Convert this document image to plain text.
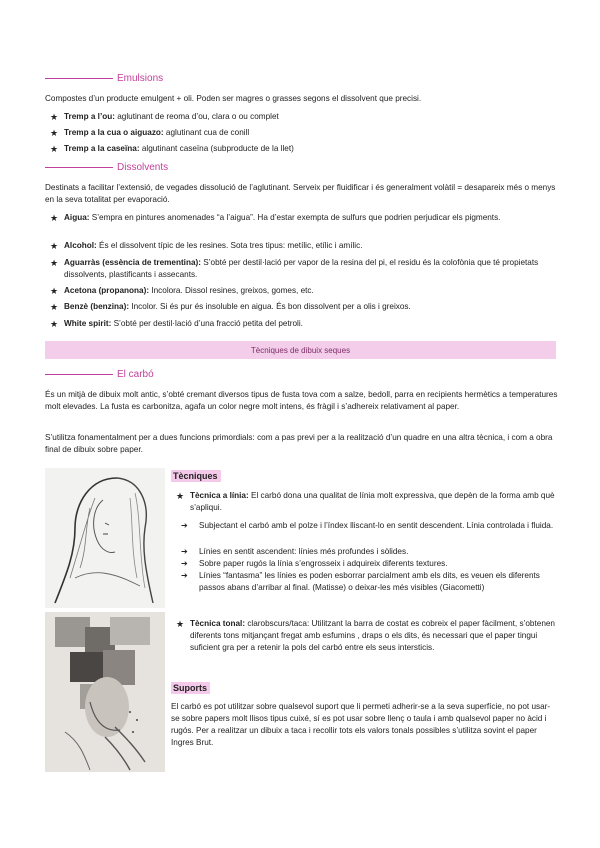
Emulsions

Compostes d’un producte emulgent + oli. Poden ser magres o grasses segons el dissolvent que precisi.

★ Tremp a l’ou: aglutinant de reoma d’ou, clara o ou complet
★ Tremp a la cua o aiguazo: aglutinant cua de conill
★ Tremp a la caseïna: algutinant caseïna (subproducte de la llet)
Dissolvents

Destinats a facilitar l’extensió, de vegades dissolució de l’aglutinant. Serveix per fluidificar i és generalment volàtil = desapareix més o menys en la seva totalitat per evaporació.

★ Aigua: S’empra en pintures anomenades “a l’aigua”. Ha d’estar exempta de sulfurs que podrien perjudicar els pigments.
★ Alcohol: És el dissolvent típic de les resines. Sota tres tipus: metílic, etílic i amílic.
★ Aguarràs (essència de trementina): S’obté per destil·lació per vapor de la resina del pi, el residu és la colofònia que té propietats dissolvents, plastificants i assecants.
★ Acetona (propanona): Incolora. Dissol resines, greixos, gomes, etc.
★ Benzè (benzina): Incolor. Si és pur és insoluble en aigua. És bon dissolvent per a olis i greixos.
★ White spirit: S’obté per destil·lació d’una fracció petita del petroli.
Tècniques de dibuix seques
El carbó

És un mitjà de dibuix molt antic, s’obté cremant diversos tipus de fusta tova com a salze, bedoll, parra en recipients hermètics a temperatures molt elevades. La fusta es carbonitza, agafa un color negre molt intens, és fràgil i s’adhereix relativament al paper.

S’utilitza fonamentalment per a dues funcions primordials: com a pas previ per a la realització d’un quadre en una altra tècnica, i com a obra final de dibuix sobre paper.

Tècniques
★ Tècnica a línia: El carbó dona una qualitat de línia molt expressiva, que depèn de la forma amb què s’apliqui.
➔	Subjectant el carbó amb el polze i l’índex lliscant-lo en sentit descendent. Línia controlada i fluida.
➔	Línies en sentit ascendent: línies més profundes i sòlides.
➔	Sobre paper rugós la línia s’engrosseix i adquireix diferents textures.
➔	Línies “fantasma” les línies es poden esborrar parcialment amb els dits, es veuen els diferents passos abans d’arribar al final. (Matisse) o deixar-les més visibles (Giacometti)
★ Tècnica tonal: clarobscurs/taca: Utilitzant la barra de costat es cobreix el paper fàcilment, s’obtenen diferents tons mitjançant fregat amb esfumins , draps o els dits, és necessari que el paper tingui suficient gra per a retenir la pols del carbó entre els seus intersticis.
Suports

El carbó es pot utilitzar sobre qualsevol suport que li permeti adherir-se a la seva superfície, no pot usar-se sobre papers molt llisos tipus cuixé, sí es pot usar sobre llenç o taula i amb qualsevol paper no àcid i rugós. Per a realitzar un dibuix a taca i recollir tots els valors tonals possibles s’utilitza sovint el paper Ingres Brut.
